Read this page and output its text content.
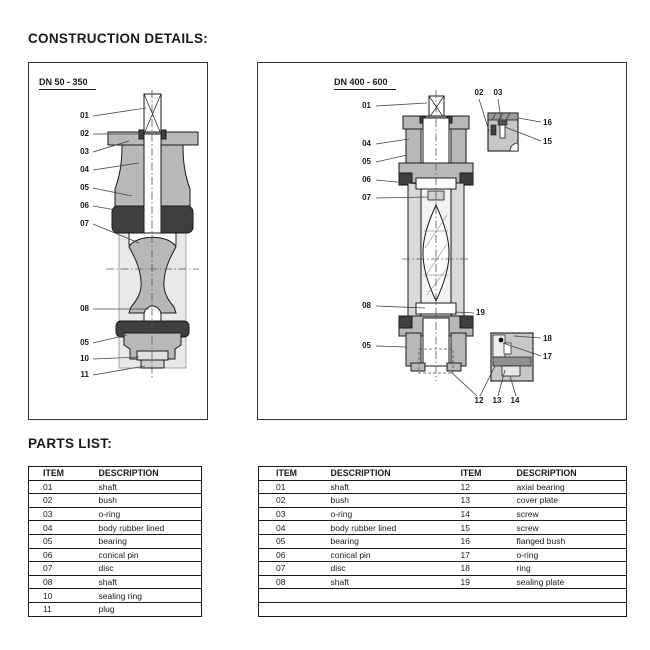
CONSTRUCTION DETAILS:
DN 50 - 350
01
02
03
04
05
06
07
08
05
10
11
DN 400 - 600
01
02 03
16
15
04
05
06
07
08
19
05
18
17
12 13 14
PARTS LIST:
ITEM	DESCRIPTION
01	shaft
02	bush
03	o-ring
04	body rubber lined
05	bearing
06	conical pin
07	disc
08	shaft
10	sealing ring
11	plug
ITEM	DESCRIPTION	ITEM	DESCRIPTION
01	shaft	12	axial bearing
02	bush	13	cover plate
03	o-ring	14	screw
04	body rubber lined	15	screw
05	bearing	16	flanged bush
06	conical pin	17	o-ring
07	disc	18	ring
08	shaft	19	sealing plate
